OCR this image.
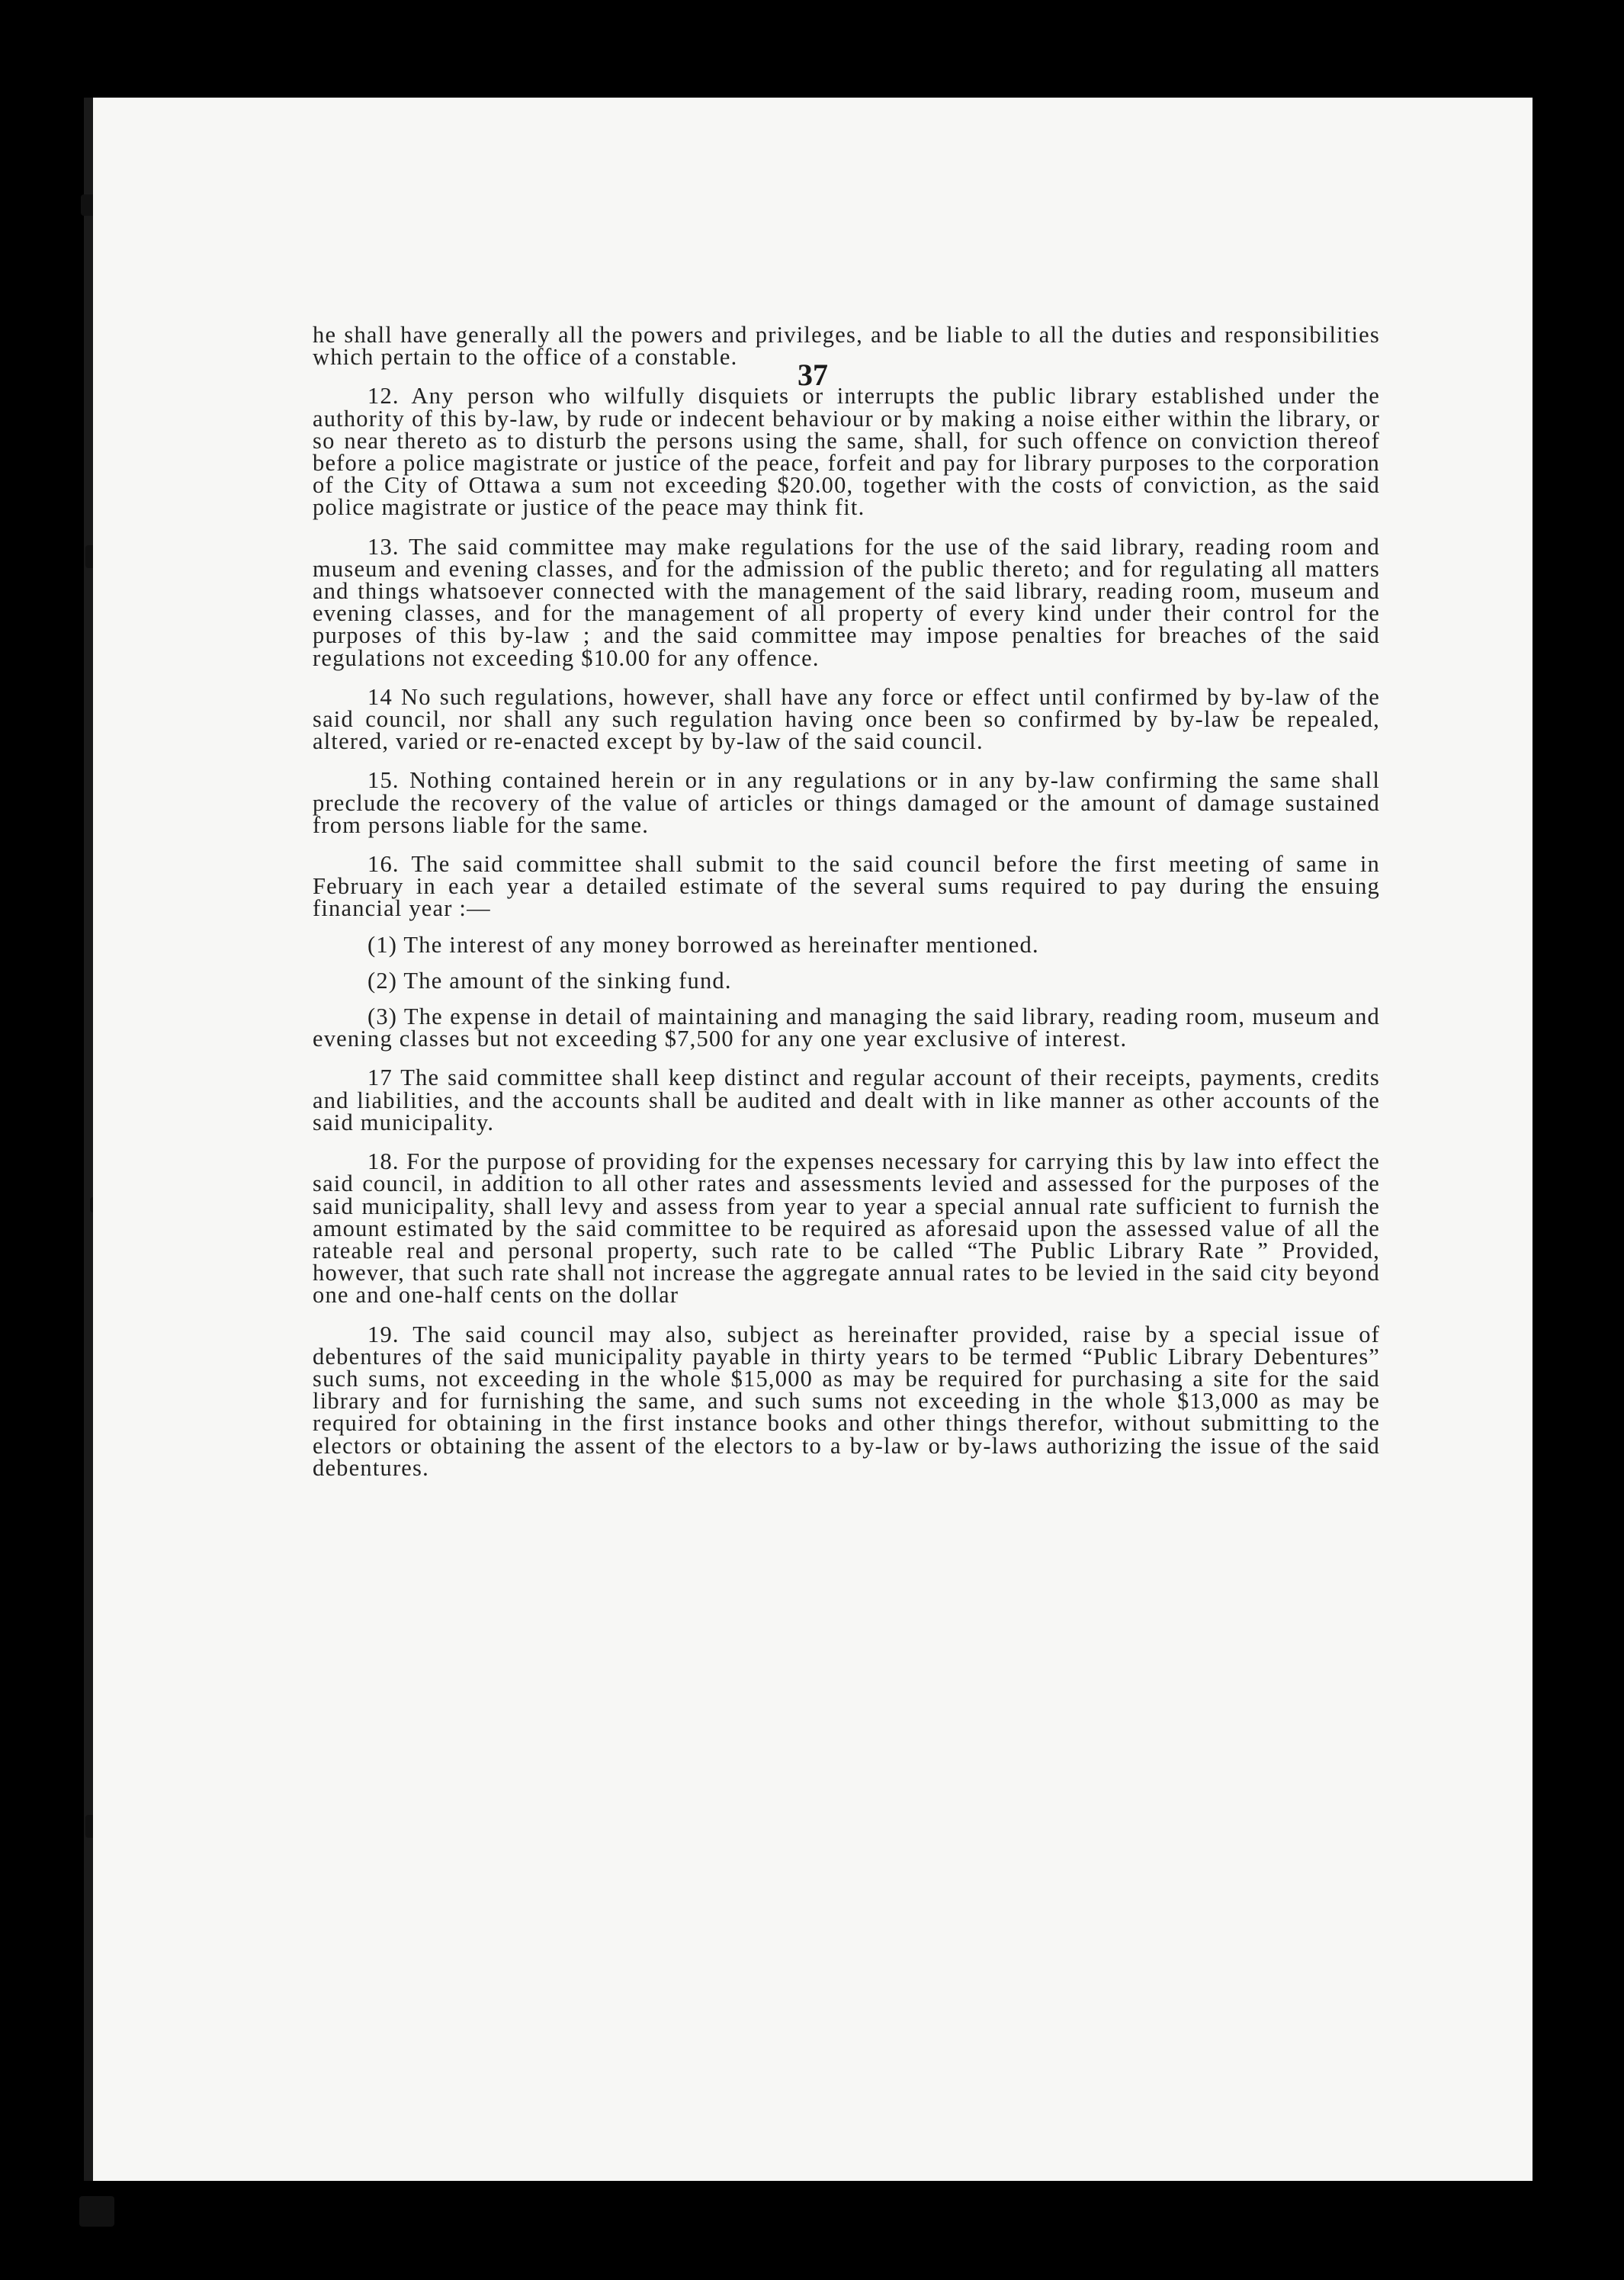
37

he shall have generally all the powers and privileges, and be liable to all the duties and responsibilities which pertain to the office of a constable.

12. Any person who wilfully disquiets or interrupts the public library established under the authority of this by-law, by rude or indecent behaviour or by making a noise either within the library, or so near thereto as to disturb the persons using the same, shall, for such offence on conviction thereof before a police magistrate or justice of the peace, forfeit and pay for library purposes to the corporation of the City of Ottawa a sum not exceeding $20.00, together with the costs of conviction, as the said police magistrate or justice of the peace may think fit.

13. The said committee may make regulations for the use of the said library, reading room and museum and evening classes, and for the admission of the public thereto; and for regulating all matters and things whatsoever connected with the management of the said library, reading room, museum and evening classes, and for the management of all property of every kind under their control for the purposes of this by-law ; and the said committee may impose penalties for breaches of the said regulations not exceeding $10.00 for any offence.

14 No such regulations, however, shall have any force or effect until confirmed by by-law of the said council, nor shall any such regulation having once been so confirmed by by-law be repealed, altered, varied or re-enacted except by by-law of the said council.

15. Nothing contained herein or in any regulations or in any by-law confirming the same shall preclude the recovery of the value of articles or things damaged or the amount of damage sustained from persons liable for the same.

16. The said committee shall submit to the said council before the first meeting of same in February in each year a detailed estimate of the several sums required to pay during the ensuing financial year :—

(1) The interest of any money borrowed as hereinafter mentioned.

(2) The amount of the sinking fund.

(3) The expense in detail of maintaining and managing the said library, reading room, museum and evening classes but not exceeding $7,500 for any one year exclusive of interest.

17 The said committee shall keep distinct and regular account of their receipts, payments, credits and liabilities, and the accounts shall be audited and dealt with in like manner as other accounts of the said municipality.

18. For the purpose of providing for the expenses necessary for carrying this by law into effect the said council, in addition to all other rates and assessments levied and assessed for the purposes of the said municipality, shall levy and assess from year to year a special annual rate sufficient to furnish the amount estimated by the said committee to be required as aforesaid upon the assessed value of all the rateable real and personal property, such rate to be called “The Public Library Rate ” Provided, however, that such rate shall not increase the aggregate annual rates to be levied in the said city beyond one and one-half cents on the dollar

19. The said council may also, subject as hereinafter provided, raise by a special issue of debentures of the said municipality payable in thirty years to be termed “Public Library Debentures” such sums, not exceeding in the whole $15,000 as may be required for purchasing a site for the said library and for furnishing the same, and such sums not exceeding in the whole $13,000 as may be required for obtaining in the first instance books and other things therefor, without submitting to the electors or obtaining the assent of the electors to a by-law or by-laws authorizing the issue of the said debentures.
